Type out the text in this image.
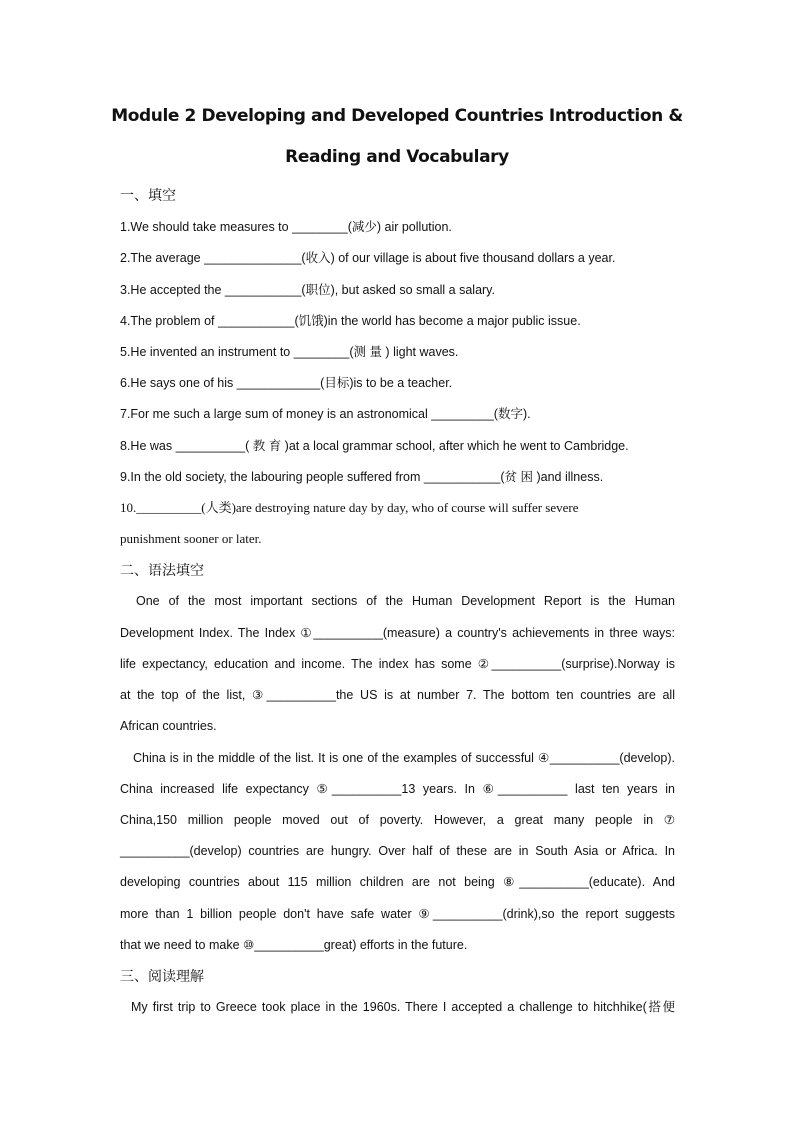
Module 2 Developing and Developed Countries Introduction &
Reading and Vocabulary
一、填空
1.We should take measures to ________(减少) air pollution.
2.The average ______________(收入) of our village is about five thousand dollars a year.
3.He accepted the ___________(职位), but asked so small a salary.
4.The problem of ___________(饥饿)in the world has become a major public issue.
5.He invented an instrument to ________(测 量 ) light waves.
6.He says one of his ____________(目标)is to be a teacher.
7.For me such a large sum of money is an astronomical _________(数字).
8.He was __________( 教 育 )at a local grammar school, after which he went to Cambridge.
9.In the old society, the labouring people suffered from ___________(贫 困 )and illness.
10.__________(人类)are destroying nature day by day, who of course will suffer severe
punishment sooner or later.
二、语法填空
One of the most important sections of the Human Development Report is the Human
Development Index. The Index ①__________(measure) a country's achievements in three ways:
life expectancy, education and income. The index has some ②__________(surprise).Norway is
at the top of the list, ③__________the US is at number 7. The bottom ten countries are all
African countries.
China is in the middle of the list. It is one of the examples of successful ④__________(develop).
China increased life expectancy ⑤__________13 years. In ⑥__________ last ten years in
China,150 million people moved out of poverty. However, a great many people in ⑦
__________(develop) countries are hungry. Over half of these are in South Asia or Africa. In
developing countries about 115 million children are not being ⑧__________(educate). And
more than 1 billion people don't have safe water ⑨__________(drink),so the report suggests
that we need to make ⑩__________great) efforts in the future.
三、阅读理解
My first trip to Greece took place in the 1960s. There I accepted a challenge to hitchhike(搭便
